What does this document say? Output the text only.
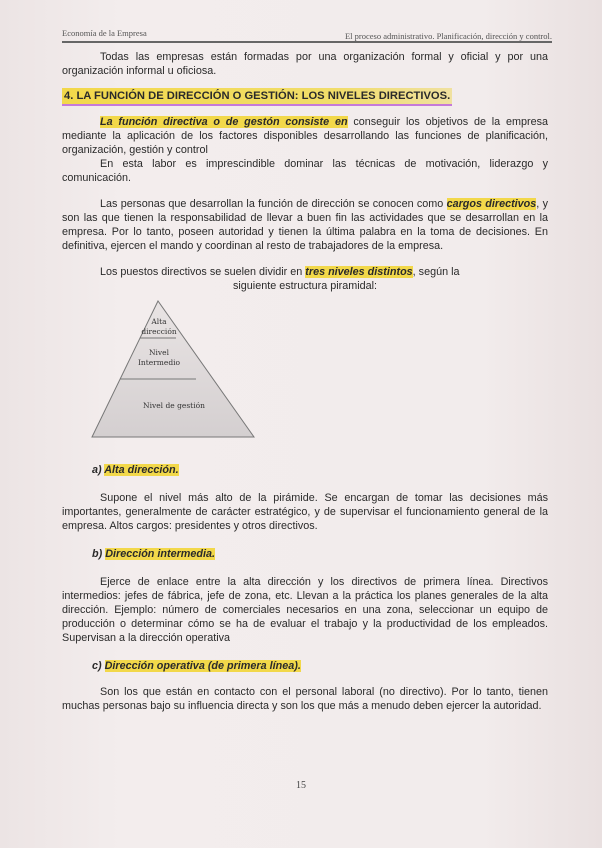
Economía de la Empresa	El proceso administrativo. Planificación, dirección y control.

Todas las empresas están formadas por una organización formal y oficial y por una organización informal u oficiosa.

4. LA FUNCIÓN DE DIRECCIÓN O GESTIÓN: LOS NIVELES DIRECTIVOS.

La función directiva o de gestón consiste en conseguir los objetivos de la empresa mediante la aplicación de los factores disponibles desarrollando las funciones de planificación, organización, gestión y control

En esta labor es imprescindible dominar las técnicas de motivación, liderazgo y comunicación.

Las personas que desarrollan la función de dirección se conocen como cargos directivos, y son las que tienen la responsabilidad de llevar a buen fin las actividades que se desarrollan en la empresa. Por lo tanto, poseen autoridad y tienen la última palabra en la toma de decisiones. En definitiva, ejercen el mando y coordinan al resto de trabajadores de la empresa.

Los puestos directivos se suelen dividir en tres niveles distintos, según la

siguiente estructura piramidal:

Alta
dirección
Nivel
Intermedio
Nivel de gestión
a) Alta dirección.

Supone el nivel más alto de la pirámide. Se encargan de tomar las decisiones más importantes, generalmente de carácter estratégico, y de supervisar el funcionamiento general de la empresa. Altos cargos: presidentes y otros directivos.

b) Dirección intermedia.

Ejerce de enlace entre la alta dirección y los directivos de primera línea. Directivos intermedios: jefes de fábrica, jefe de zona, etc. Llevan a la práctica los planes generales de la alta dirección. Ejemplo: número de comerciales necesarios en una zona, seleccionar un equipo de producción o determinar cómo se ha de evaluar el trabajo y la productividad de los empleados. Supervisan a la dirección operativa

c) Dirección operativa (de primera línea).

Son los que están en contacto con el personal laboral (no directivo). Por lo tanto, tienen muchas personas bajo su influencia directa y son los que más a menudo deben ejercer la autoridad.

15
